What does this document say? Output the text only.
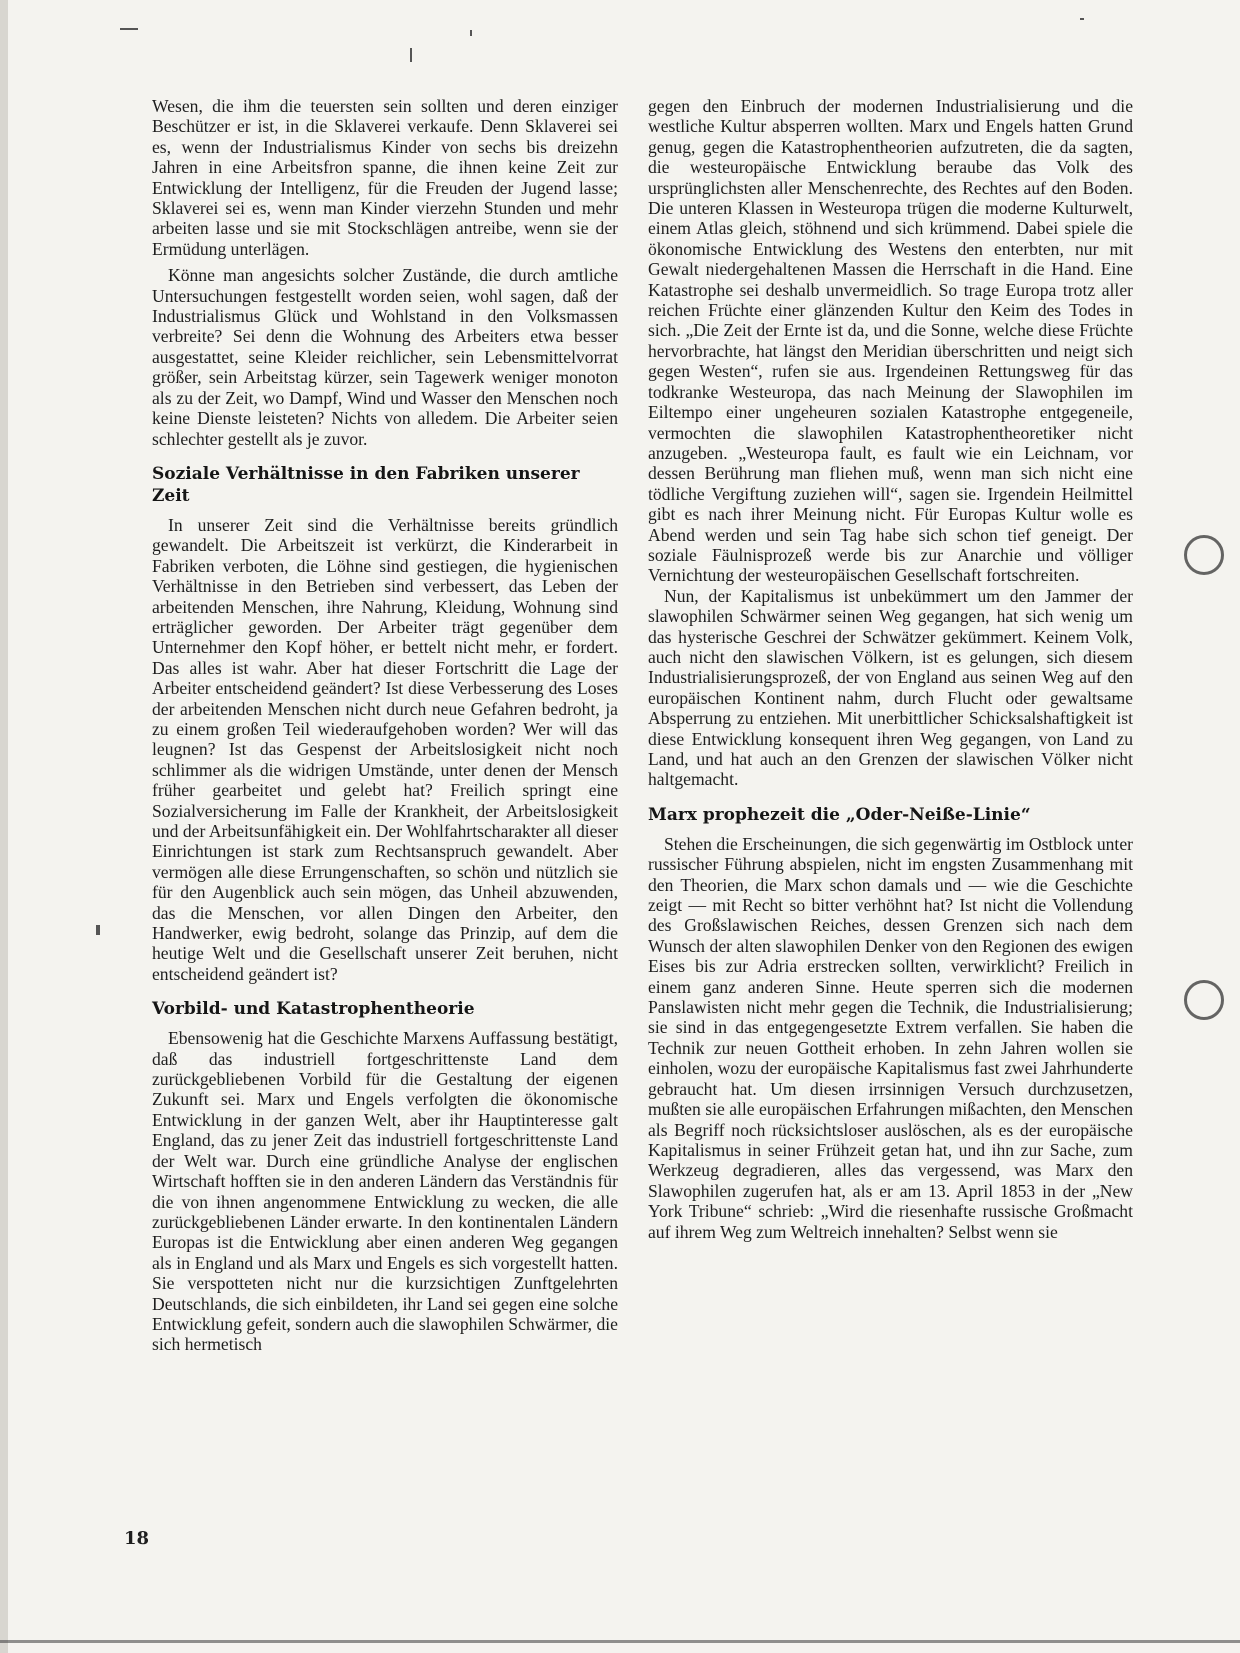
Wesen, die ihm die teuersten sein sollten und deren einziger Beschützer er ist, in die Sklaverei verkaufe. Denn Sklaverei sei es, wenn der Industrialismus Kinder von sechs bis dreizehn Jahren in eine Arbeitsfron spanne, die ihnen keine Zeit zur Entwicklung der Intelligenz, für die Freuden der Jugend lasse; Sklaverei sei es, wenn man Kinder vierzehn Stunden und mehr arbeiten lasse und sie mit Stockschlägen antreibe, wenn sie der Ermüdung unterlägen.

Könne man angesichts solcher Zustände, die durch amtliche Untersuchungen festgestellt worden seien, wohl sagen, daß der Industrialismus Glück und Wohlstand in den Volksmassen verbreite? Sei denn die Wohnung des Arbeiters etwa besser ausgestattet, seine Kleider reichlicher, sein Lebensmittelvorrat größer, sein Arbeitstag kürzer, sein Tagewerk weniger monoton als zu der Zeit, wo Dampf, Wind und Wasser den Menschen noch keine Dienste leisteten? Nichts von alledem. Die Arbeiter seien schlechter gestellt als je zuvor.

Soziale Verhältnisse in den Fabriken unserer Zeit

In unserer Zeit sind die Verhältnisse bereits gründlich gewandelt. Die Arbeitszeit ist verkürzt, die Kinderarbeit in Fabriken verboten, die Löhne sind gestiegen, die hygienischen Verhältnisse in den Betrieben sind verbessert, das Leben der arbeitenden Menschen, ihre Nahrung, Kleidung, Wohnung sind erträglicher geworden. Der Arbeiter trägt gegenüber dem Unternehmer den Kopf höher, er bettelt nicht mehr, er fordert. Das alles ist wahr. Aber hat dieser Fortschritt die Lage der Arbeiter entscheidend geändert? Ist diese Verbesserung des Loses der arbeitenden Menschen nicht durch neue Gefahren bedroht, ja zu einem großen Teil wiederaufgehoben worden? Wer will das leugnen? Ist das Gespenst der Arbeitslosigkeit nicht noch schlimmer als die widrigen Umstände, unter denen der Mensch früher gearbeitet und gelebt hat? Freilich springt eine Sozialversicherung im Falle der Krankheit, der Arbeitslosigkeit und der Arbeitsunfähigkeit ein. Der Wohlfahrtscharakter all dieser Einrichtungen ist stark zum Rechtsanspruch gewandelt. Aber vermögen alle diese Errungenschaften, so schön und nützlich sie für den Augenblick auch sein mögen, das Unheil abzuwenden, das die Menschen, vor allen Dingen den Arbeiter, den Handwerker, ewig bedroht, solange das Prinzip, auf dem die heutige Welt und die Gesellschaft unserer Zeit beruhen, nicht entscheidend geändert ist?

Vorbild- und Katastrophentheorie

Ebensowenig hat die Geschichte Marxens Auffassung bestätigt, daß das industriell fortgeschrittenste Land dem zurückgebliebenen Vorbild für die Gestaltung der eigenen Zukunft sei. Marx und Engels verfolgten die ökonomische Entwicklung in der ganzen Welt, aber ihr Hauptinteresse galt England, das zu jener Zeit das industriell fortgeschrittenste Land der Welt war. Durch eine gründliche Analyse der englischen Wirtschaft hofften sie in den anderen Ländern das Verständnis für die von ihnen angenommene Entwicklung zu wecken, die alle zurückgebliebenen Länder erwarte. In den kontinentalen Ländern Europas ist die Entwicklung aber einen anderen Weg gegangen als in England und als Marx und Engels es sich vorgestellt hatten. Sie verspotteten nicht nur die kurzsichtigen Zunftgelehrten Deutschlands, die sich einbildeten, ihr Land sei gegen eine solche Entwicklung gefeit, sondern auch die slawophilen Schwärmer, die sich hermetisch

gegen den Einbruch der modernen Industrialisierung und die westliche Kultur absperren wollten. Marx und Engels hatten Grund genug, gegen die Katastrophentheorien aufzutreten, die da sagten, die westeuropäische Entwicklung beraube das Volk des ursprünglichsten aller Menschenrechte, des Rechtes auf den Boden. Die unteren Klassen in Westeuropa trügen die moderne Kulturwelt, einem Atlas gleich, stöhnend und sich krümmend. Dabei spiele die ökonomische Entwicklung des Westens den enterbten, nur mit Gewalt niedergehaltenen Massen die Herrschaft in die Hand. Eine Katastrophe sei deshalb unvermeidlich. So trage Europa trotz aller reichen Früchte einer glänzenden Kultur den Keim des Todes in sich. „Die Zeit der Ernte ist da, und die Sonne, welche diese Früchte hervorbrachte, hat längst den Meridian überschritten und neigt sich gegen Westen“, rufen sie aus. Irgendeinen Rettungsweg für das todkranke Westeuropa, das nach Meinung der Slawophilen im Eiltempo einer ungeheuren sozialen Katastrophe entgegeneile, vermochten die slawophilen Katastrophentheoretiker nicht anzugeben. „Westeuropa fault, es fault wie ein Leichnam, vor dessen Berührung man fliehen muß, wenn man sich nicht eine tödliche Vergiftung zuziehen will“, sagen sie. Irgendein Heilmittel gibt es nach ihrer Meinung nicht. Für Europas Kultur wolle es Abend werden und sein Tag habe sich schon tief geneigt. Der soziale Fäulnisprozeß werde bis zur Anarchie und völliger Vernichtung der westeuropäischen Gesellschaft fortschreiten.

Nun, der Kapitalismus ist unbekümmert um den Jammer der slawophilen Schwärmer seinen Weg gegangen, hat sich wenig um das hysterische Geschrei der Schwätzer gekümmert. Keinem Volk, auch nicht den slawischen Völkern, ist es gelungen, sich diesem Industrialisierungsprozeß, der von England aus seinen Weg auf den europäischen Kontinent nahm, durch Flucht oder gewaltsame Absperrung zu entziehen. Mit unerbittlicher Schicksalshaftigkeit ist diese Entwicklung konsequent ihren Weg gegangen, von Land zu Land, und hat auch an den Grenzen der slawischen Völker nicht haltgemacht.

Marx prophezeit die „Oder-Neiße-Linie“

Stehen die Erscheinungen, die sich gegenwärtig im Ostblock unter russischer Führung abspielen, nicht im engsten Zusammenhang mit den Theorien, die Marx schon damals und — wie die Geschichte zeigt — mit Recht so bitter verhöhnt hat? Ist nicht die Vollendung des Großslawischen Reiches, dessen Grenzen sich nach dem Wunsch der alten slawophilen Denker von den Regionen des ewigen Eises bis zur Adria erstrecken sollten, verwirklicht? Freilich in einem ganz anderen Sinne. Heute sperren sich die modernen Panslawisten nicht mehr gegen die Technik, die Industrialisierung; sie sind in das entgegengesetzte Extrem verfallen. Sie haben die Technik zur neuen Gottheit erhoben. In zehn Jahren wollen sie einholen, wozu der europäische Kapitalismus fast zwei Jahrhunderte gebraucht hat. Um diesen irrsinnigen Versuch durchzusetzen, mußten sie alle europäischen Erfahrungen mißachten, den Menschen als Begriff noch rücksichtsloser auslöschen, als es der europäische Kapitalismus in seiner Frühzeit getan hat, und ihn zur Sache, zum Werkzeug degradieren, alles das vergessend, was Marx den Slawophilen zugerufen hat, als er am 13. April 1853 in der „New York Tribune“ schrieb: „Wird die riesenhafte russische Großmacht auf ihrem Weg zum Weltreich innehalten? Selbst wenn sie

18
